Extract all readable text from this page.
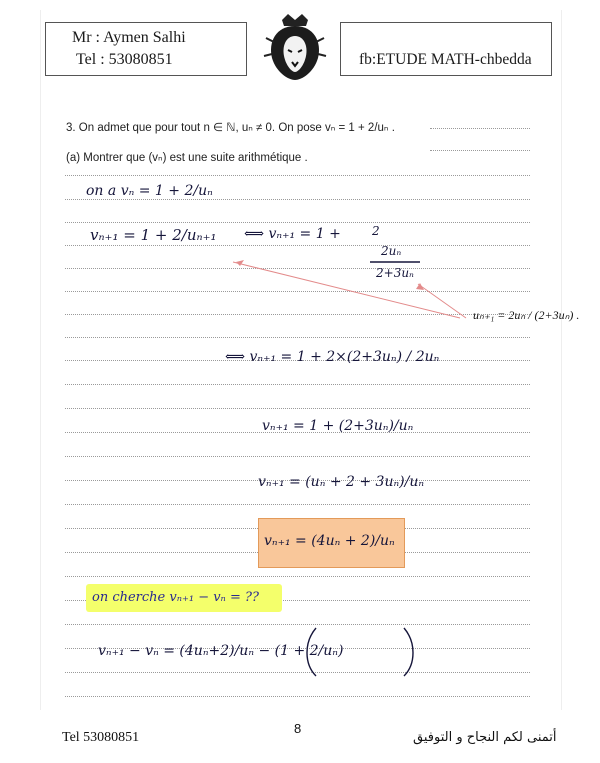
Mr : Aymen Salhi
Tel : 53080851	fb:ETUDE MATH-chbedda
3. On admet que pour tout n ∈ ℕ, uₙ ≠ 0. On pose vₙ = 1 + 2/uₙ .
(a) Montrer que (vₙ) est une suite arithmétique .
on a vₙ = 1 + 2/uₙ
vₙ₊₁ = 1 + 2/uₙ₊₁ ⟺ vₙ₊₁ = 1 +	2
2uₙ
2+3uₙ
uₙ₊₁ = 2uₙ / (2+3uₙ) .
⟺ vₙ₊₁ = 1 + 2×(2+3uₙ) / 2uₙ
vₙ₊₁ = 1 + (2+3uₙ)/uₙ
vₙ₊₁ = (uₙ + 2 + 3uₙ)/uₙ
vₙ₊₁ = (4uₙ + 2)/uₙ
on cherche vₙ₊₁ − vₙ = ??
vₙ₊₁ − vₙ = (4uₙ+2)/uₙ − (1 + 2/uₙ)
Tel 53080851
8
أتمنى لكم النجاح و التوفيق
